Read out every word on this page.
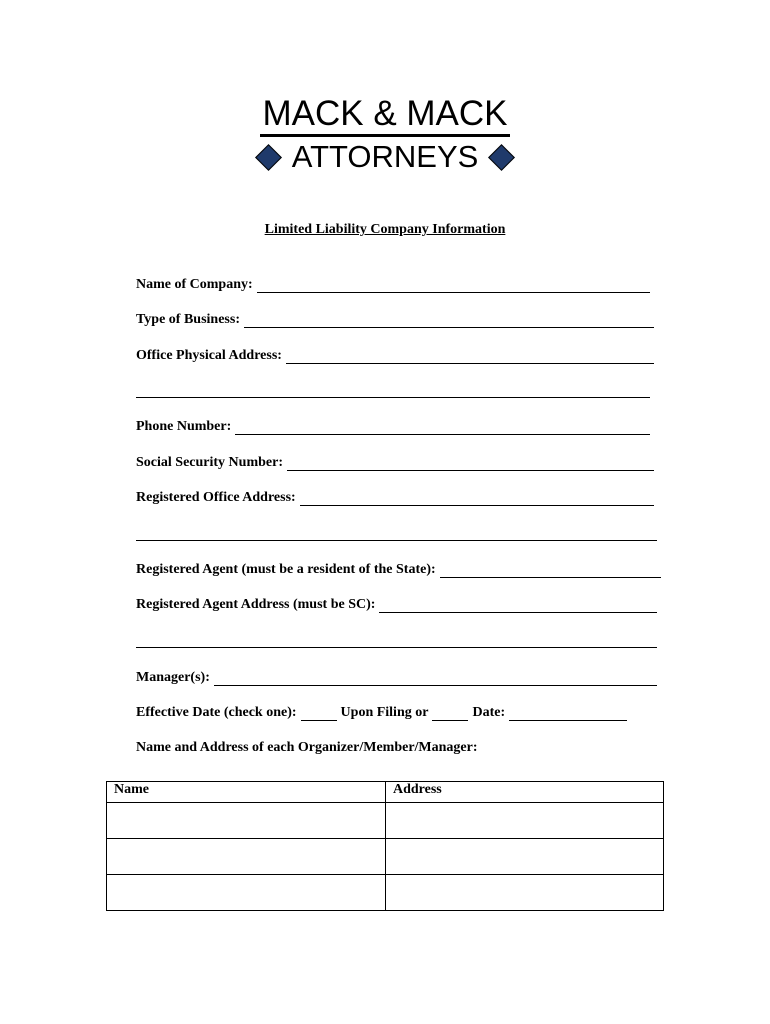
MACK & MACK
ATTORNEYS
Limited Liability Company Information
Name of Company:
Type of Business:
Office Physical Address:
Phone Number:
Social Security Number:
Registered Office Address:
Registered Agent (must be a resident of the State):
Registered Agent Address (must be SC):
Manager(s):
Effective Date (check one):	Upon Filing or	Date:
Name and Address of each Organizer/Member/Manager:
Name	Address
